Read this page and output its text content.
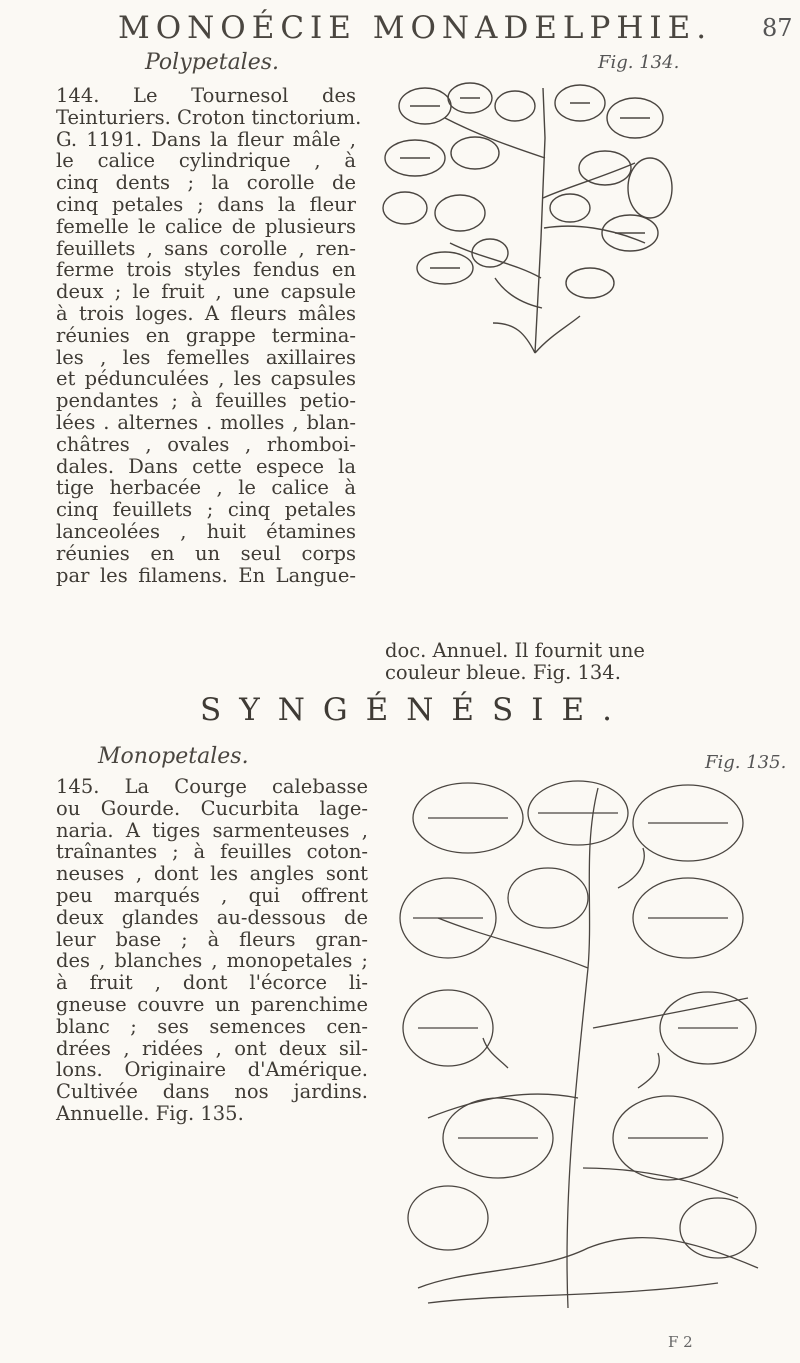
MONOÉCIE MONADELPHIE. 87
Polypetales.	Fig. 134.
144. Le Tournesol des
Teinturiers. Croton tinctorium.
G. 1191. Dans la fleur mâle ,
le calice cylindrique , à
cinq dents ; la corolle de
cinq petales ; dans la fleur
femelle le calice de plusieurs
feuillets , sans corolle , ren-
ferme trois styles fendus en
deux ; le fruit , une capsule
à trois loges. A fleurs mâles
réunies en grappe termina-
les , les femelles axillaires
et pédunculées , les capsules
pendantes ; à feuilles petio-
lées . alternes . molles , blan-
châtres , ovales , rhomboi-
dales. Dans cette espece la
tige herbacée , le calice à
cinq feuillets ; cinq petales
lanceolées , huit étamines
réunies en un seul corps
par les filamens. En Langue-
doc. Annuel. Il fournit une
couleur bleue. Fig. 134.
SYNGÉNÉSIE.
Monopetales.	Fig. 135.
145. La Courge calebasse
ou Gourde. Cucurbita lage-
naria. A tiges sarmenteuses ,
traînantes ; à feuilles coton-
neuses , dont les angles sont
peu marqués , qui offrent
deux glandes au-dessous de
leur base ; à fleurs gran-
des , blanches , monopetales ;
à fruit , dont l'écorce li-
gneuse couvre un parenchime
blanc ; ses semences cen-
drées , ridées , ont deux sil-
lons. Originaire d'Amérique.
Cultivée dans nos jardins.
Annuelle. Fig. 135.
F 2
